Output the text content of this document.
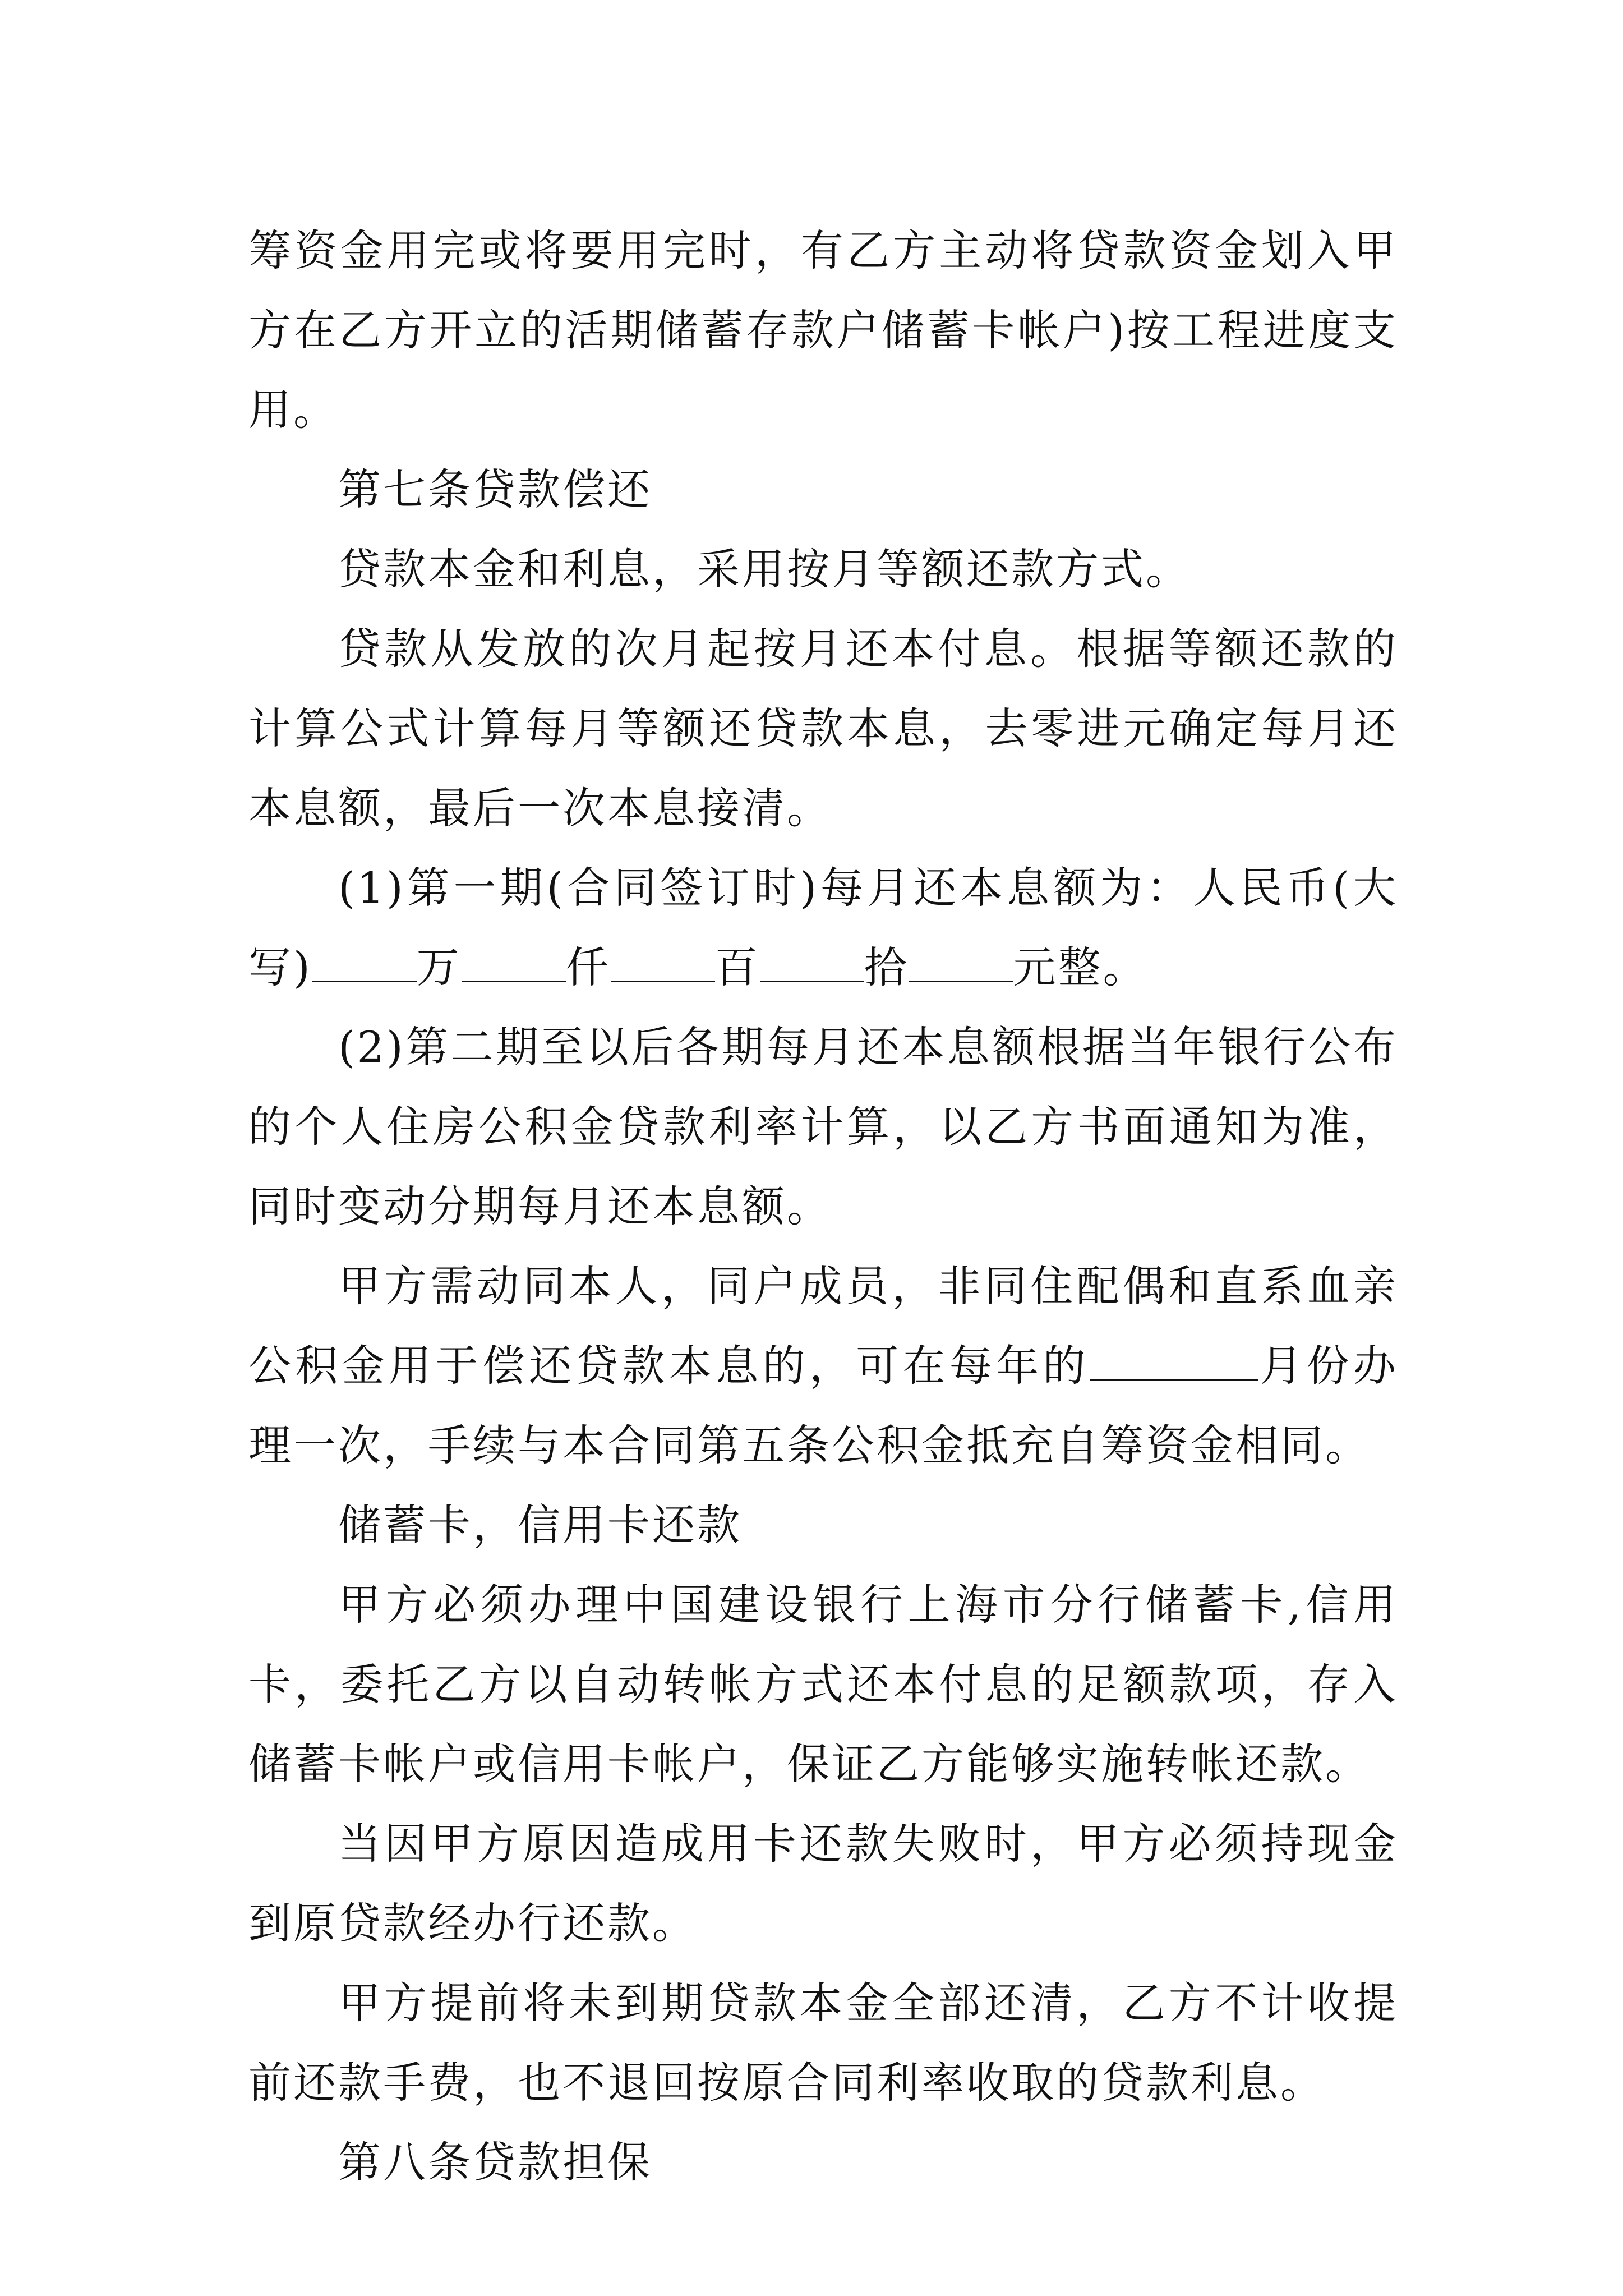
筹资金用完或将要用完时，有乙方主动将贷款资金划入甲方在乙方开立的活期储蓄存款户储蓄卡帐户)按工程进度支用。

第七条贷款偿还

贷款本金和利息，采用按月等额还款方式。

贷款从发放的次月起按月还本付息。根据等额还款的计算公式计算每月等额还贷款本息，去零进元确定每月还本息额，最后一次本息接清。

(1)第一期(合同签订时)每月还本息额为：人民币(大写) 万 仟 百 拾 元整。

(2)第二期至以后各期每月还本息额根据当年银行公布的个人住房公积金贷款利率计算，以乙方书面通知为准，同时变动分期每月还本息额。

甲方需动同本人，同户成员，非同住配偶和直系血亲公积金用于偿还贷款本息的，可在每年的	月份办理一次，手续与本合同第五条公积金抵充自筹资金相同。

储蓄卡，信用卡还款

甲方必须办理中国建设银行上海市分行储蓄卡,信用卡，委托乙方以自动转帐方式还本付息的足额款项，存入储蓄卡帐户或信用卡帐户，保证乙方能够实施转帐还款。

当因甲方原因造成用卡还款失败时，甲方必须持现金到原贷款经办行还款。

甲方提前将未到期贷款本金全部还清，乙方不计收提前还款手费，也不退回按原合同利率收取的贷款利息。

第八条贷款担保
